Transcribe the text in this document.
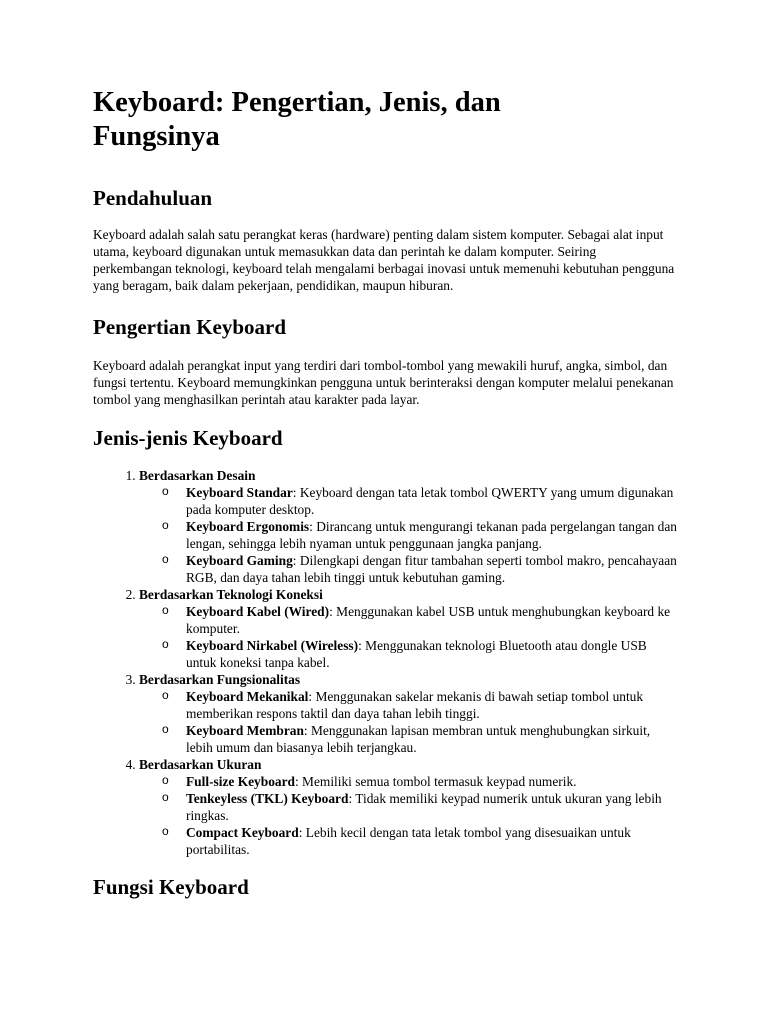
Keyboard: Pengertian, Jenis, dan Fungsinya
Pendahuluan

Keyboard adalah salah satu perangkat keras (hardware) penting dalam sistem komputer. Sebagai alat input utama, keyboard digunakan untuk memasukkan data dan perintah ke dalam komputer. Seiring perkembangan teknologi, keyboard telah mengalami berbagai inovasi untuk memenuhi kebutuhan pengguna yang beragam, baik dalam pekerjaan, pendidikan, maupun hiburan.

Pengertian Keyboard

Keyboard adalah perangkat input yang terdiri dari tombol-tombol yang mewakili huruf, angka, simbol, dan fungsi tertentu. Keyboard memungkinkan pengguna untuk berinteraksi dengan komputer melalui penekanan tombol yang menghasilkan perintah atau karakter pada layar.

Jenis-jenis Keyboard
1. Berdasarkan Desain
o Keyboard Standar: Keyboard dengan tata letak tombol QWERTY yang umum digunakan pada komputer desktop.
o Keyboard Ergonomis: Dirancang untuk mengurangi tekanan pada pergelangan tangan dan lengan, sehingga lebih nyaman untuk penggunaan jangka panjang.
o Keyboard Gaming: Dilengkapi dengan fitur tambahan seperti tombol makro, pencahayaan RGB, dan daya tahan lebih tinggi untuk kebutuhan gaming.
2. Berdasarkan Teknologi Koneksi
o Keyboard Kabel (Wired): Menggunakan kabel USB untuk menghubungkan keyboard ke komputer.
o Keyboard Nirkabel (Wireless): Menggunakan teknologi Bluetooth atau dongle USB untuk koneksi tanpa kabel.
3. Berdasarkan Fungsionalitas
o Keyboard Mekanikal: Menggunakan sakelar mekanis di bawah setiap tombol untuk memberikan respons taktil dan daya tahan lebih tinggi.
o Keyboard Membran: Menggunakan lapisan membran untuk menghubungkan sirkuit, lebih umum dan biasanya lebih terjangkau.
4. Berdasarkan Ukuran
o Full-size Keyboard: Memiliki semua tombol termasuk keypad numerik.
o Tenkeyless (TKL) Keyboard: Tidak memiliki keypad numerik untuk ukuran yang lebih ringkas.
o Compact Keyboard: Lebih kecil dengan tata letak tombol yang disesuaikan untuk portabilitas.
Fungsi Keyboard
